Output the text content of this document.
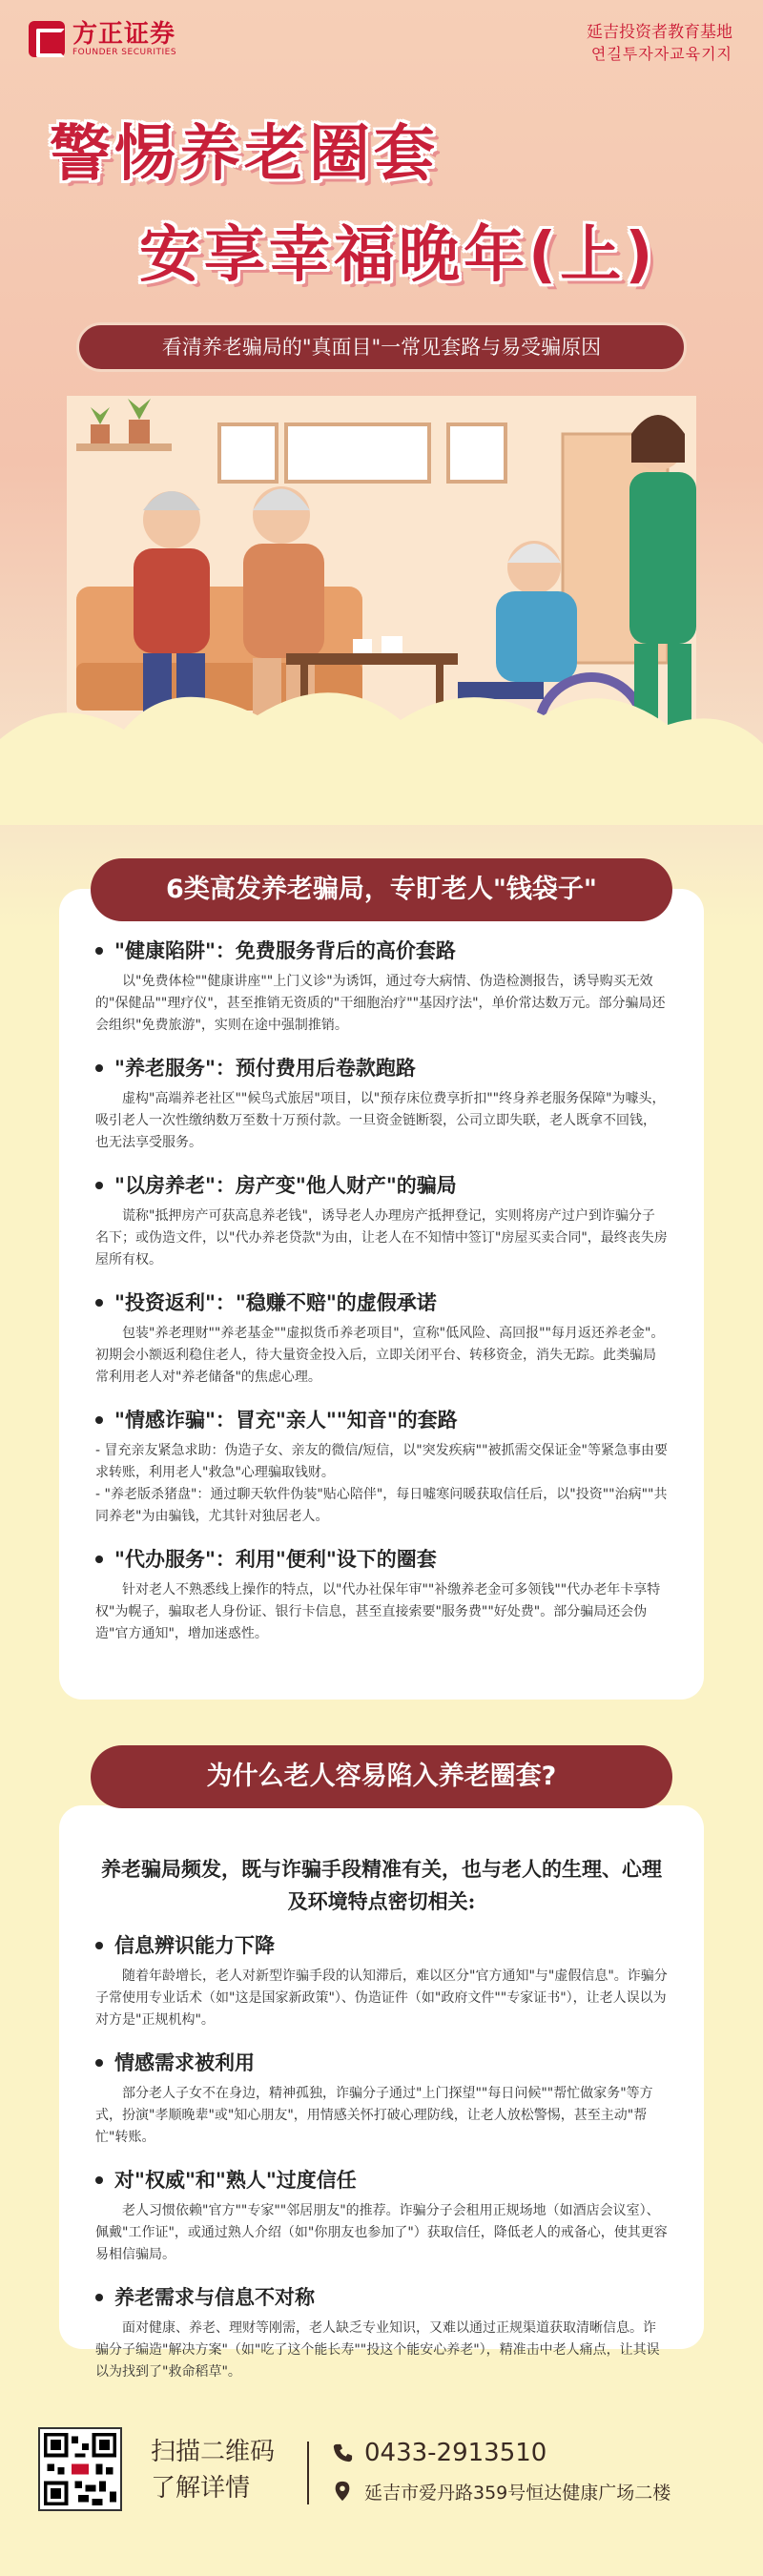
方正证券
FOUNDER SECURITIES
延吉投资者教育基地
연길투자자교육기지
警惕养老圈套
安享幸福晚年(上)
看清养老骗局的"真面目"一常见套路与易受骗原因
6类高发养老骗局，专盯老人"钱袋子"
"健康陷阱"：免费服务背后的高价套路
以"免费体检""健康讲座""上门义诊"为诱饵，通过夸大病情、伪造检测报告，诱导购买无效的"保健品""理疗仪"，甚至推销无资质的"干细胞治疗""基因疗法"，单价常达数万元。部分骗局还会组织"免费旅游"，实则在途中强制推销。
"养老服务"：预付费用后卷款跑路
虚构"高端养老社区""候鸟式旅居"项目，以"预存床位费享折扣""终身养老服务保障"为噱头，吸引老人一次性缴纳数万至数十万预付款。一旦资金链断裂，公司立即失联，老人既拿不回钱，也无法享受服务。
"以房养老"：房产变"他人财产"的骗局
谎称"抵押房产可获高息养老钱"，诱导老人办理房产抵押登记，实则将房产过户到诈骗分子名下；或伪造文件，以"代办养老贷款"为由，让老人在不知情中签订"房屋买卖合同"，最终丧失房屋所有权。
"投资返利"："稳赚不赔"的虚假承诺
包装"养老理财""养老基金""虚拟货币养老项目"，宣称"低风险、高回报""每月返还养老金"。初期会小额返利稳住老人，待大量资金投入后，立即关闭平台、转移资金，消失无踪。此类骗局常利用老人对"养老储备"的焦虑心理。
"情感诈骗"：冒充"亲人""知音"的套路
- 冒充亲友紧急求助：伪造子女、亲友的微信/短信，以"突发疾病""被抓需交保证金"等紧急事由要求转账，利用老人"救急"心理骗取钱财。
- "养老版杀猪盘"：通过聊天软件伪装"贴心陪伴"，每日嘘寒问暖获取信任后，以"投资""治病""共同养老"为由骗钱，尤其针对独居老人。
"代办服务"：利用"便利"设下的圈套
针对老人不熟悉线上操作的特点，以"代办社保年审""补缴养老金可多领钱""代办老年卡享特权"为幌子，骗取老人身份证、银行卡信息，甚至直接索要"服务费""好处费"。部分骗局还会伪造"官方通知"，增加迷惑性。
为什么老人容易陷入养老圈套?
养老骗局频发，既与诈骗手段精准有关，也与老人的生理、心理及环境特点密切相关:
信息辨识能力下降
随着年龄增长，老人对新型诈骗手段的认知滞后，难以区分"官方通知"与"虚假信息"。诈骗分子常使用专业话术（如"这是国家新政策"）、伪造证件（如"政府文件""专家证书"），让老人误以为对方是"正规机构"。
情感需求被利用
部分老人子女不在身边，精神孤独，诈骗分子通过"上门探望""每日问候""帮忙做家务"等方式，扮演"孝顺晚辈"或"知心朋友"，用情感关怀打破心理防线，让老人放松警惕，甚至主动"帮忙"转账。
对"权威"和"熟人"过度信任
老人习惯依赖"官方""专家""邻居朋友"的推荐。诈骗分子会租用正规场地（如酒店会议室）、佩戴"工作证"，或通过熟人介绍（如"你朋友也参加了"）获取信任，降低老人的戒备心，使其更容易相信骗局。
养老需求与信息不对称
面对健康、养老、理财等刚需，老人缺乏专业知识，又难以通过正规渠道获取清晰信息。诈骗分子编造"解决方案"（如"吃了这个能长寿""投这个能安心养老"），精准击中老人痛点，让其误以为找到了"救命稻草"。
扫描二维码
了解详情
0433-2913510
延吉市爱丹路359号恒达健康广场二楼
